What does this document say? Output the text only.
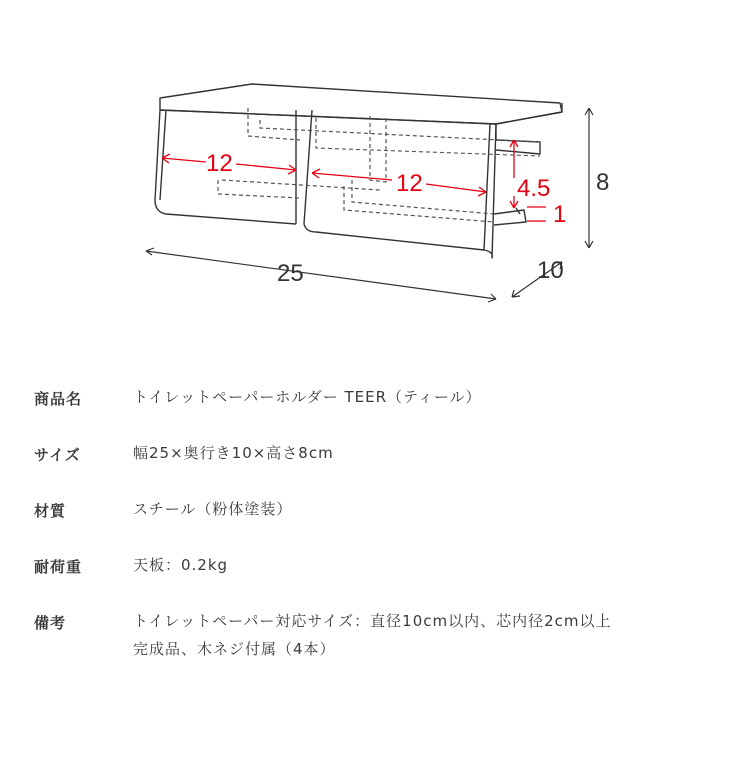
12
12	4.5
1
25	10
8
商品名	トイレットペーパーホルダー TEER（ティール）
サイズ	幅25×奥行き10×高さ8cm
材質	スチール（粉体塗装）
耐荷重	天板：0.2kg
備考	トイレットペーパー対応サイズ：直径10cm以内、芯内径2cm以上
完成品、木ネジ付属（4本）
